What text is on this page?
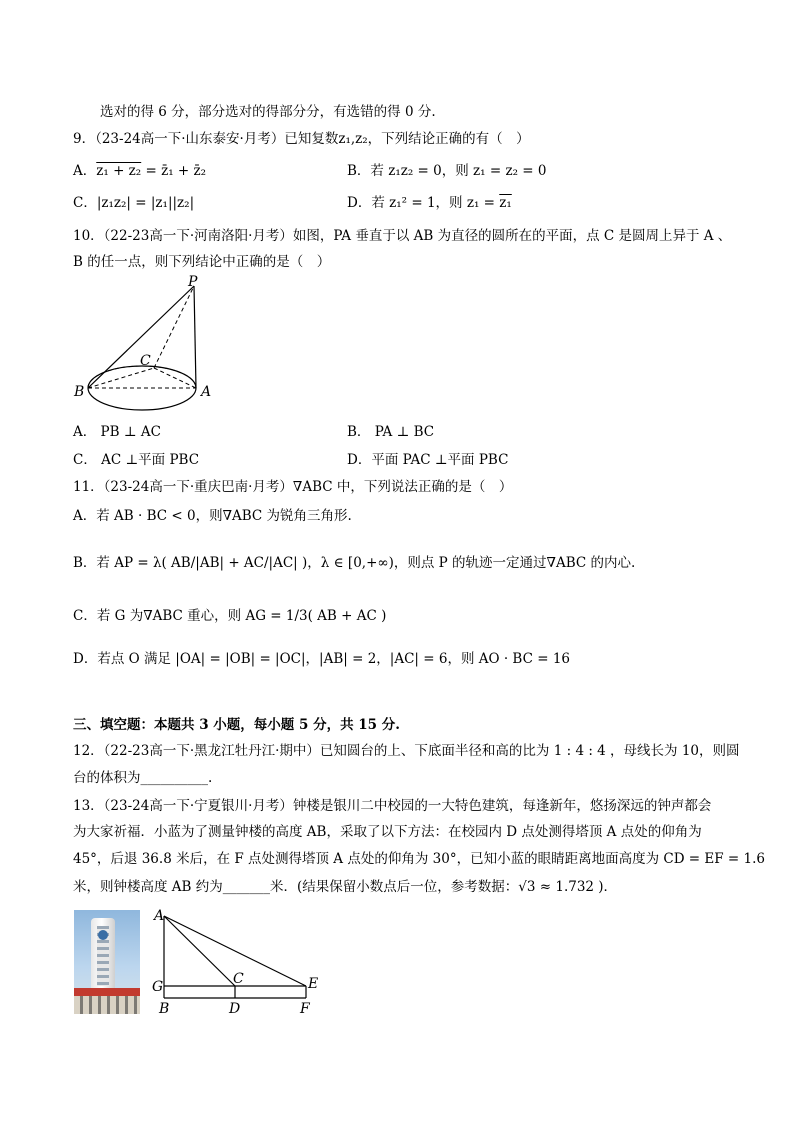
选对的得 6 分，部分选对的得部分分，有选错的得 0 分.
9．（23-24高一下·山东泰安·月考）已知复数z₁,z₂，下列结论正确的有（　）
A．z₁ + z₂ = z̄₁ + z̄₂	B．若 z₁z₂ = 0，则 z₁ = z₂ = 0
C．|z₁z₂| = |z₁||z₂|	D．若 z₁² = 1，则 z₁ = z₁
10．（22-23高一下·河南洛阳·月考）如图，PA 垂直于以 AB 为直径的圆所在的平面，点 C 是圆周上异于 A 、
B 的任一点，则下列结论中正确的是（　）
P
C
B	A
A． PB ⊥ AC	B． PA ⊥ BC
C． AC ⊥平面 PBC	D．平面 PAC ⊥平面 PBC
11．（23-24高一下·重庆巴南·月考）∇ABC 中，下列说法正确的是（　）
A．若 AB · BC < 0，则∇ABC 为锐角三角形.
B．若 AP = λ( AB/|AB| + AC/|AC| )，λ ∈ [0,+∞)，则点 P 的轨迹一定通过∇ABC 的内心.
C．若 G 为∇ABC 重心，则 AG = 1/3( AB + AC )
D．若点 O 满足 |OA| = |OB| = |OC|，|AB| = 2，|AC| = 6，则 AO · BC = 16
三、填空题：本题共 3 小题，每小题 5 分，共 15 分.
12．（22-23高一下·黑龙江牡丹江·期中）已知圆台的上、下底面半径和高的比为 1 : 4 : 4 ，母线长为 10，则圆
台的体积为__________.
13．（23-24高一下·宁夏银川·月考）钟楼是银川二中校园的一大特色建筑，每逢新年，悠扬深远的钟声都会
为大家祈福．小蓝为了测量钟楼的高度 AB，采取了以下方法：在校园内 D 点处测得塔顶 A 点处的仰角为
45°，后退 36.8 米后，在 F 点处测得塔顶 A 点处的仰角为 30°，已知小蓝的眼睛距离地面高度为 CD = EF = 1.6
米，则钟楼高度 AB 约为_______米．(结果保留小数点后一位，参考数据：√3 ≈ 1.732 )．
A
G	C	E
B	D	F
